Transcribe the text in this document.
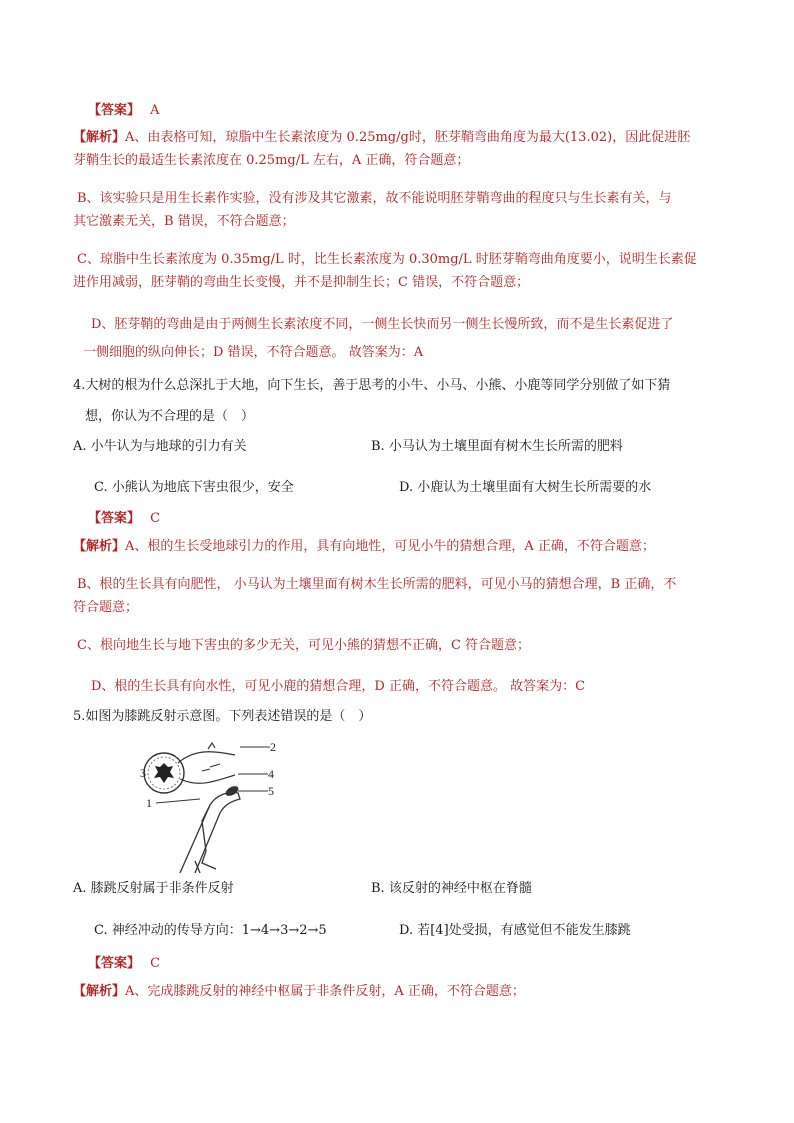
【答案】 A
【解析】A、由表格可知，琼脂中生长素浓度为 0.25mg/g时，胚芽鞘弯曲角度为最大(13.02)，因此促进胚
芽鞘生长的最适生长素浓度在 0.25mg/L 左右，A 正确，符合题意；
B、该实验只是用生长素作实验，没有涉及其它激素，故不能说明胚芽鞘弯曲的程度只与生长素有关，与
其它激素无关，B 错误，不符合题意；
C、琼脂中生长素浓度为 0.35mg/L 时，比生长素浓度为 0.30mg/L 时胚芽鞘弯曲角度要小，说明生长素促
进作用减弱，胚芽鞘的弯曲生长变慢，并不是抑制生长；C 错误，不符合题意；
D、胚芽鞘的弯曲是由于两侧生长素浓度不同，一侧生长快而另一侧生长慢所致，而不是生长素促进了
一侧细胞的纵向伸长；D 错误，不符合题意。 故答案为：A
4.大树的根为什么总深扎于大地，向下生长，善于思考的小牛、小马、小熊、小鹿等同学分别做了如下猜
想，你认为不合理的是（　）
A. 小牛认为与地球的引力有关	B. 小马认为土壤里面有树木生长所需的肥料
C. 小熊认为地底下害虫很少，安全	D. 小鹿认为土壤里面有大树生长所需要的水
【答案】 C
【解析】A、根的生长受地球引力的作用，具有向地性，可见小牛的猜想合理，A 正确，不符合题意；
B、根的生长具有向肥性， 小马认为土壤里面有树木生长所需的肥料，可见小马的猜想合理，B 正确，不
符合题意；
C、根向地生长与地下害虫的多少无关，可见小熊的猜想不正确，C 符合题意；
D、根的生长具有向水性，可见小鹿的猜想合理，D 正确，不符合题意。 故答案为：C
5.如图为膝跳反射示意图。下列表述错误的是（　）
2
3	4
5
1
A. 膝跳反射属于非条件反射	B. 该反射的神经中枢在脊髓
C. 神经冲动的传导方向：1→4→3→2→5	D. 若[4]处受损，有感觉但不能发生膝跳
【答案】 C
【解析】A、完成膝跳反射的神经中枢属于非条件反射，A 正确，不符合题意；
